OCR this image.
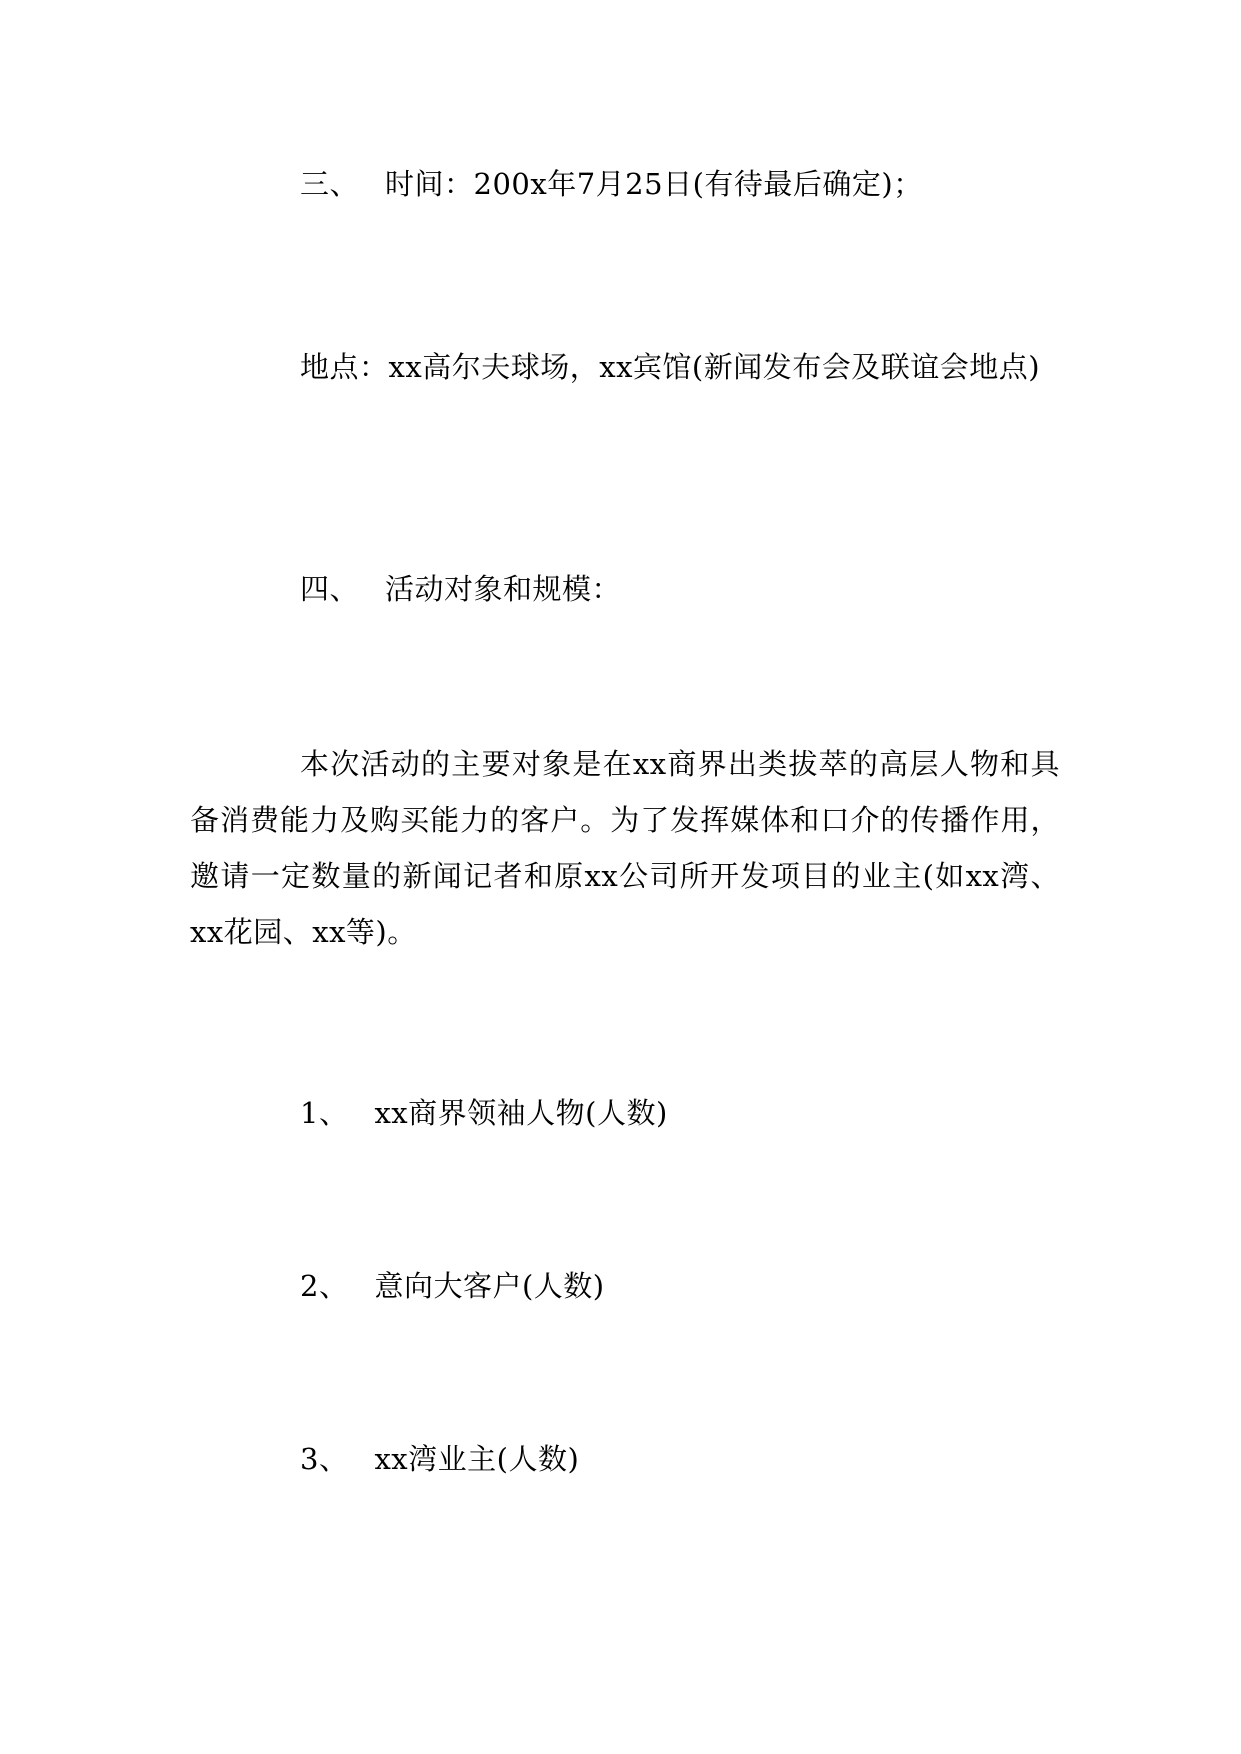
三、 时间：200x年7月25日(有待最后确定)；
地点：xx高尔夫球场，xx宾馆(新闻发布会及联谊会地点)
四、 活动对象和规模：
本次活动的主要对象是在xx商界出类拔萃的高层人物和具备消费能力及购买能力的客户。为了发挥媒体和口介的传播作用，邀请一定数量的新闻记者和原xx公司所开发项目的业主(如xx湾、xx花园、xx等)。
1、 xx商界领袖人物(人数)
2、 意向大客户(人数)
3、 xx湾业主(人数)
